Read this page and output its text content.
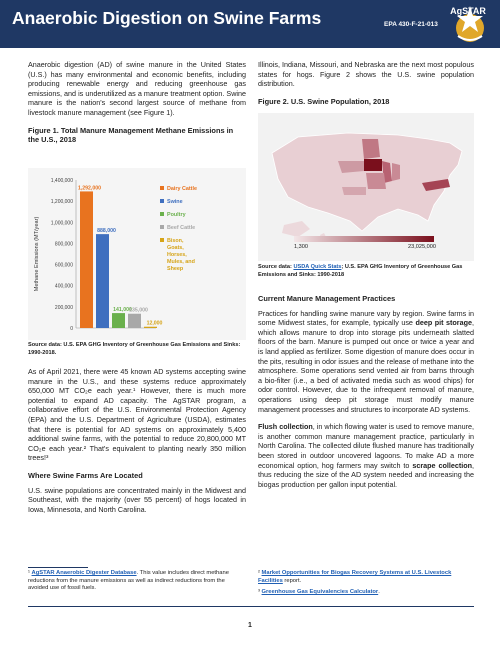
Anaerobic Digestion on Swine Farms	EPA 430-F-21-013
AgSTAR

Anaerobic digestion (AD) of swine manure in the United States (U.S.) has many environmental and economic benefits, including producing renewable energy and reducing greenhouse gas emissions, and is underutilized as a manure treatment option. Swine manure is the nation's second largest source of methane from livestock manure management (see Figure 1).

Figure 1. Total Manure Management Methane Emissions in the U.S., 2018
0
200,000
400,000
600,000
800,000
1,000,000
1,200,000
1,400,000
Methane Emissions (MT/year)
1,292,000
888,000
141,000
135,000
12,000
Dairy Cattle
Swine
Poultry
Beef Cattle
Bison,
Goats,
Horses,
Mules, and
Sheep
Source data: U.S. EPA GHG Inventory of Greenhouse Gas Emissions and Sinks: 1990-2018.

As of April 2021, there were 45 known AD systems accepting swine manure in the U.S., and these systems reduce approximately 650,000 MT CO₂e each year.¹ However, there is much more potential to expand AD capacity. The AgSTAR program, a collaborative effort of the U.S. Environmental Protection Agency (EPA) and the U.S. Department of Agriculture (USDA), estimates that there is potential for AD systems on approximately 5,400 additional swine farms, with the potential to reduce 20,800,000 MT CO₂e each year.² That's equivalent to planting nearly 350 million trees!³

Where Swine Farms Are Located

U.S. swine populations are concentrated mainly in the Midwest and Southeast, with the majority (over 55 percent) of hogs located in Iowa, Minnesota, and North Carolina.

Illinois, Indiana, Missouri, and Nebraska are the next most populous states for hogs. Figure 2 shows the U.S. swine population distribution.

Figure 2. U.S. Swine Population, 2018
1,300	23,025,000
Source data: USDA Quick Stats; U.S. EPA GHG Inventory of Greenhouse Gas Emissions and Sinks: 1990-2018
Current Manure Management Practices

Practices for handling swine manure vary by region. Swine farms in some Midwest states, for example, typically use deep pit storage, which allows manure to drop into storage pits underneath slatted floors of the barn. Manure is pumped out once or twice a year and is land applied as fertilizer. Some digestion of manure does occur in the pits, resulting in odor issues and the release of methane into the atmosphere. Some operations send vented air from barns through a bio-filter (i.e., a bed of activated media such as wood chips) for odor control. However, due to the infrequent removal of manure, operations using deep pit storage must modify manure management processes and structures to incorporate AD systems.

Flush collection, in which flowing water is used to remove manure, is another common manure management practice, particularly in North Carolina. The collected dilute flushed manure has traditionally been stored in outdoor uncovered lagoons. To make AD a more economical option, hog farmers may switch to scrape collection, thus reducing the size of the AD system needed and increasing the biogas production per gallon input potential.

¹ AgSTAR Anaerobic Digester Database. This value includes direct methane reductions from the manure emissions as well as indirect reductions from the avoided use of fossil fuels.
² Market Opportunities for Biogas Recovery Systems at U.S. Livestock Facilities report.
³ Greenhouse Gas Equivalencies Calculator.
1
